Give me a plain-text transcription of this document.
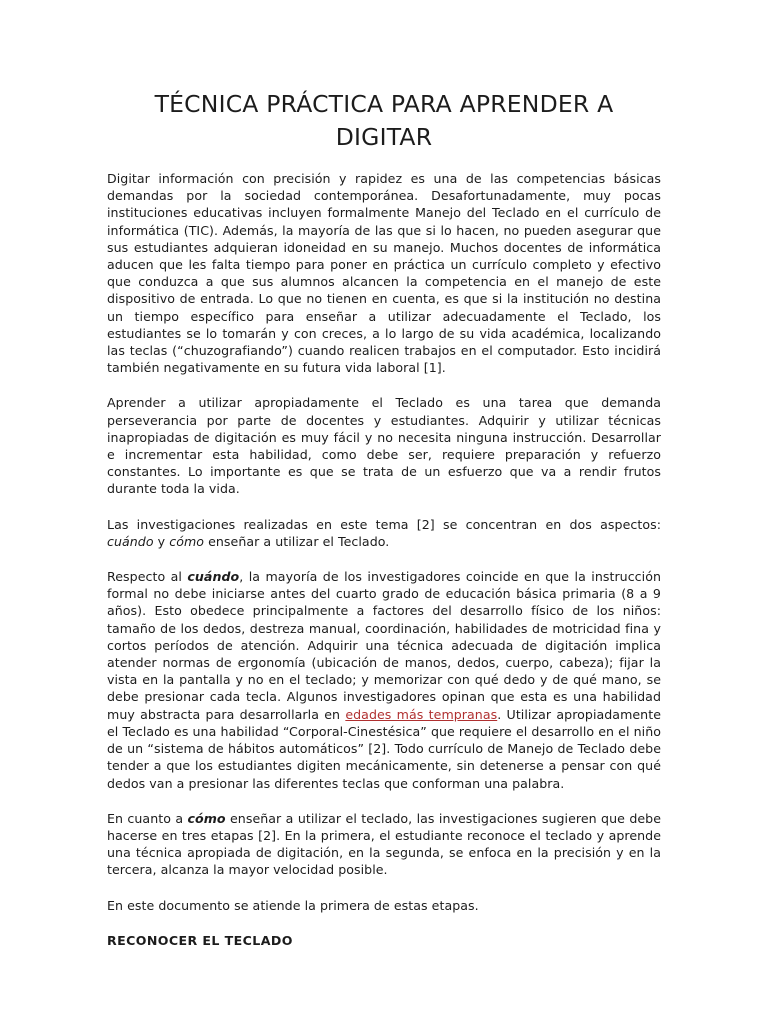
TÉCNICA PRÁCTICA PARA APRENDER A DIGITAR

Digitar información con precisión y rapidez es una de las competencias básicas demandas por la sociedad contemporánea. Desafortunadamente, muy pocas instituciones educativas incluyen formalmente Manejo del Teclado en el currículo de informática (TIC). Además, la mayoría de las que si lo hacen, no pueden asegurar que sus estudiantes adquieran idoneidad en su manejo. Muchos docentes de informática aducen que les falta tiempo para poner en práctica un currículo completo y efectivo que conduzca a que sus alumnos alcancen la competencia en el manejo de este dispositivo de entrada. Lo que no tienen en cuenta, es que si la institución no destina un tiempo específico para enseñar a utilizar adecuadamente el Teclado, los estudiantes se lo tomarán y con creces, a lo largo de su vida académica, localizando las teclas (“chuzografiando”) cuando realicen trabajos en el computador. Esto incidirá también negativamente en su futura vida laboral [1].

Aprender a utilizar apropiadamente el Teclado es una tarea que demanda perseverancia por parte de docentes y estudiantes. Adquirir y utilizar técnicas inapropiadas de digitación es muy fácil y no necesita ninguna instrucción. Desarrollar e incrementar esta habilidad, como debe ser, requiere preparación y refuerzo constantes. Lo importante es que se trata de un esfuerzo que va a rendir frutos durante toda la vida.

Las investigaciones realizadas en este tema [2] se concentran en dos aspectos: cuándo y cómo enseñar a utilizar el Teclado.

Respecto al cuándo, la mayoría de los investigadores coincide en que la instrucción formal no debe iniciarse antes del cuarto grado de educación básica primaria (8 a 9 años). Esto obedece principalmente a factores del desarrollo físico de los niños: tamaño de los dedos, destreza manual, coordinación, habilidades de motricidad fina y cortos períodos de atención. Adquirir una técnica adecuada de digitación implica atender normas de ergonomía (ubicación de manos, dedos, cuerpo, cabeza); fijar la vista en la pantalla y no en el teclado; y memorizar con qué dedo y de qué mano, se debe presionar cada tecla. Algunos investigadores opinan que esta es una habilidad muy abstracta para desarrollarla en edades más tempranas. Utilizar apropiadamente el Teclado es una habilidad “Corporal-Cinestésica” que requiere el desarrollo en el niño de un “sistema de hábitos automáticos” [2]. Todo currículo de Manejo de Teclado debe tender a que los estudiantes digiten mecánicamente, sin detenerse a pensar con qué dedos van a presionar las diferentes teclas que conforman una palabra.

En cuanto a cómo enseñar a utilizar el teclado, las investigaciones sugieren que debe hacerse en tres etapas [2]. En la primera, el estudiante reconoce el teclado y aprende una técnica apropiada de digitación, en la segunda, se enfoca en la precisión y en la tercera, alcanza la mayor velocidad posible.

En este documento se atiende la primera de estas etapas.

RECONOCER EL TECLADO
